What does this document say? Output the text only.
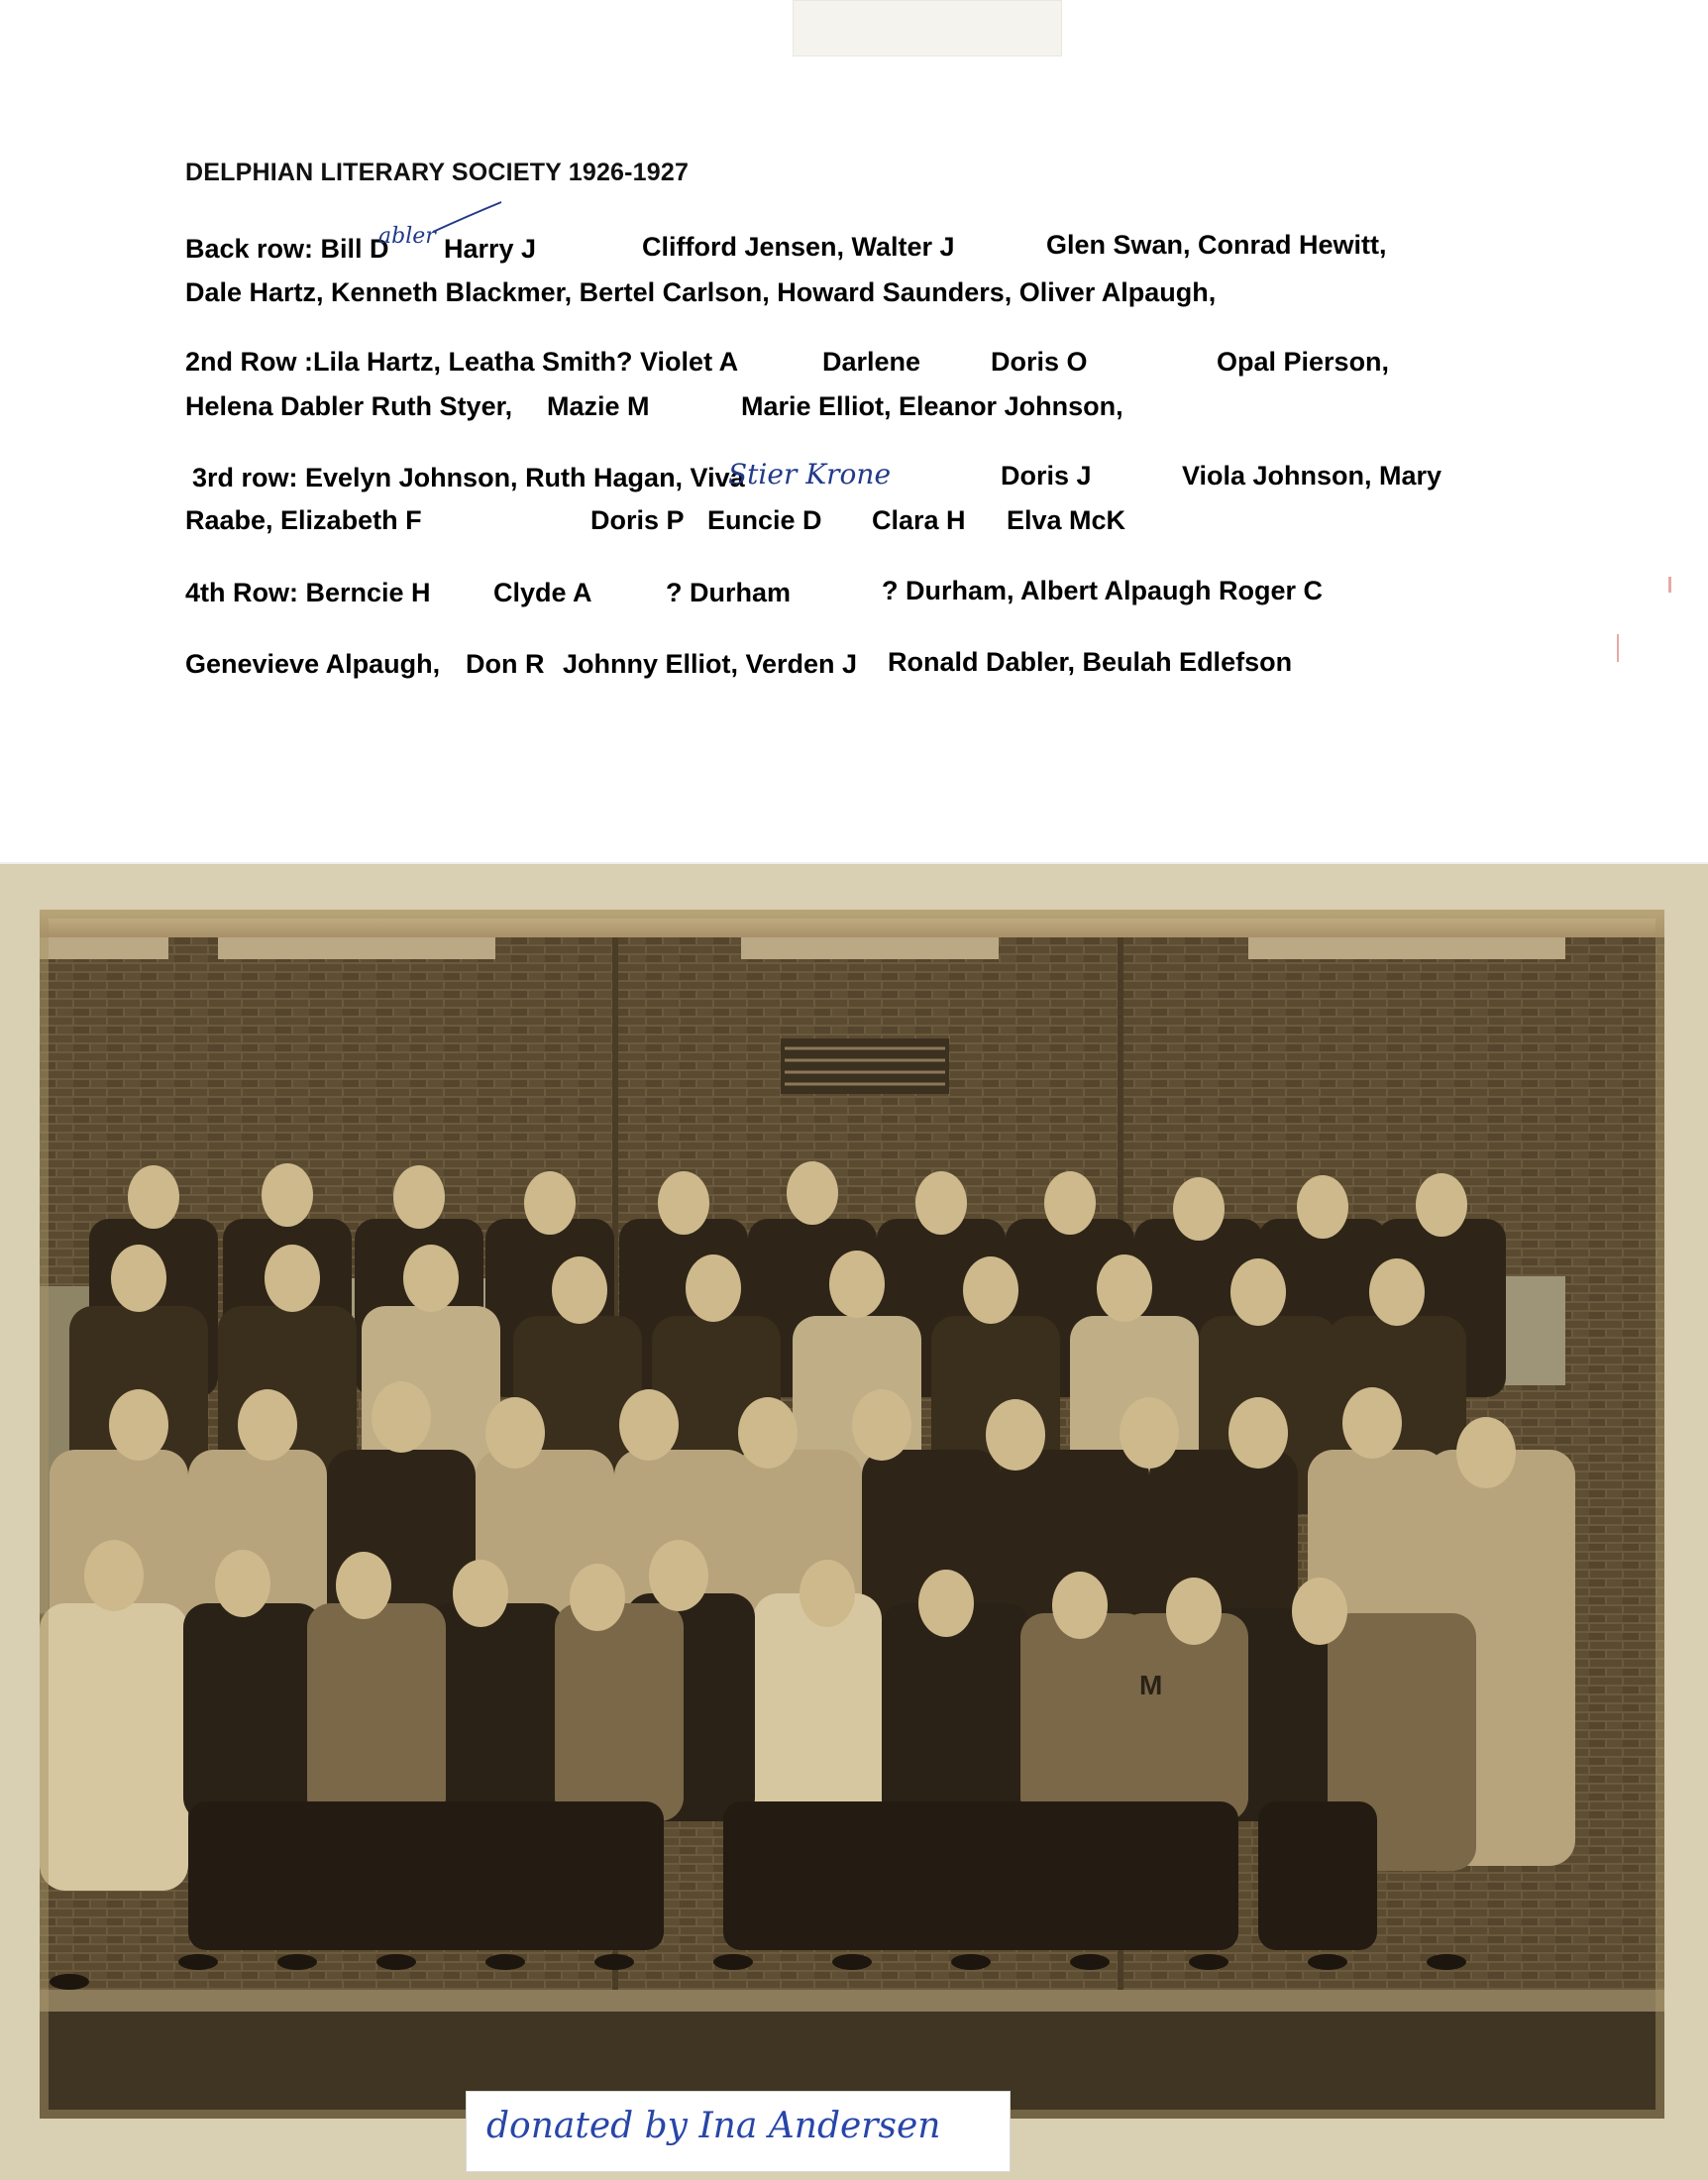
DELPHIAN LITERARY SOCIETY 1926-1927
Back row: Bill D
abler Harry J	Clifford Jensen, Walter J	Glen Swan, Conrad Hewitt,
Dale Hartz, Kenneth Blackmer, Bertel Carlson, Howard Saunders, Oliver Alpaugh,
2nd Row :Lila Hartz, Leatha Smith? Violet A	Darlene	Doris O	Opal Pierson,
Helena Dabler Ruth Styer, Mazie M	Marie Elliot, Eleanor Johnson,
3rd row: Evelyn Johnson, Ruth Hagan, Viva
Stier Krone	Doris J	Viola Johnson, Mary
Raabe, Elizabeth F	Doris P Euncie D Clara H Elva McK
4th Row: Berncie H Clyde A	? Durham	? Durham, Albert Alpaugh Roger C
Genevieve Alpaugh, Don R Johnny Elliot, Verden J Ronald Dabler, Beulah Edlefson
M
donated by Ina Andersen
